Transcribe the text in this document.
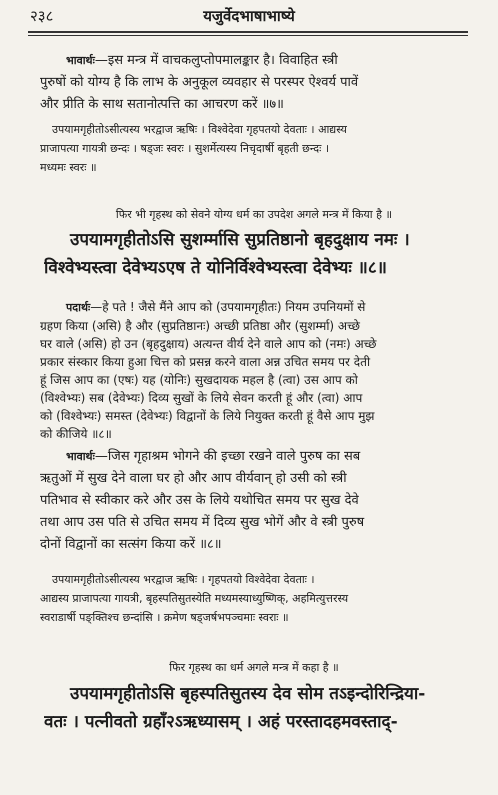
२३८	यजुर्वेदभाषाभाष्ये
भावार्थः—इस मन्त्र में वाचकलुप्तोपमालङ्कार है। विवाहित स्त्री
पुरुषों को योग्य है कि लाभ के अनुकूल व्यवहार से परस्पर ऐश्वर्य पावें
और प्रीति के साथ सतानोत्पत्ति का आचरण करें ॥७॥
उपयामगृहीतोऽसीत्यस्य भरद्वाज ऋषिः । विश्वेदेवा गृहपतयो देवताः । आद्यस्य
प्राजापत्या गायत्री छन्दः । षड्जः स्वरः । सुशर्मेत्यस्य निचृदार्षी बृहती छन्दः ।
मध्यमः स्वरः ॥
फिर भी गृहस्थ को सेवने योग्य धर्म का उपदेश अगले मन्त्र में किया है ॥
उपयामगृहीतोऽसि सुशर्म्मासि सुप्रतिष्ठानो बृहदुक्षाय नमः ।
विश्वेभ्यस्त्वा देवेभ्यऽएष ते योनिर्विश्वेभ्यस्त्वा देवेभ्यः ॥८॥
पदार्थः—हे पते ! जैसे मैंने आप को (उपयामगृहीतः) नियम उपनियमों से
ग्रहण किया (असि) है और (सुप्रतिष्ठानः) अच्छी प्रतिष्ठा और (सुशर्म्मा) अच्छे
घर वाले (असि) हो उन (बृहदुक्षाय) अत्यन्त वीर्य देने वाले आप को (नमः) अच्छे
प्रकार संस्कार किया हुआ चित्त को प्रसन्न करने वाला अन्न उचित समय पर देती
हूं जिस आप का (एषः) यह (योनिः) सुखदायक महल है (त्वा) उस आप को
(विश्वेभ्यः) सब (देवेभ्यः) दिव्य सुखों के लिये सेवन करती हूं और (त्वा) आप
को (विश्वेभ्यः) समस्त (देवेभ्यः) विद्वानों के लिये नियुक्त करती हूं वैसे आप मुझ
को कीजिये ॥८॥
भावार्थः—जिस गृहाश्रम भोगने की इच्छा रखने वाले पुरुष का सब
ऋतुओं में सुख देने वाला घर हो और आप वीर्यवान् हो उसी को स्त्री
पतिभाव से स्वीकार करे और उस के लिये यथोचित समय पर सुख देवे
तथा आप उस पति से उचित समय में दिव्य सुख भोगें और वे स्त्री पुरुष
दोनों विद्वानों का सत्संग किया करें ॥८॥
उपयामगृहीतोऽसीत्यस्य भरद्वाज ऋषिः । गृहपतयो विश्वेदेवा देवताः ।
आद्यस्य प्राजापत्या गायत्री, बृहस्पतिसुतस्येति मध्यमस्याध्युष्णिक्, अहमित्युत्तरस्य
स्वराडार्षी पङ्क्तिश्च छन्दांसि । क्रमेण षड्जर्षभपञ्चमाः स्वराः ॥
फिर गृहस्थ का धर्म अगले मन्त्र में कहा है ॥
उपयामगृहीतोऽसि बृहस्पतिसुतस्य देव सोम तऽइन्दोरिन्द्रिया-
वतः । पत्नीवतो ग्रहाँ२ऽऋध्यासम् । अहं परस्तादहमवस्ताद्-
